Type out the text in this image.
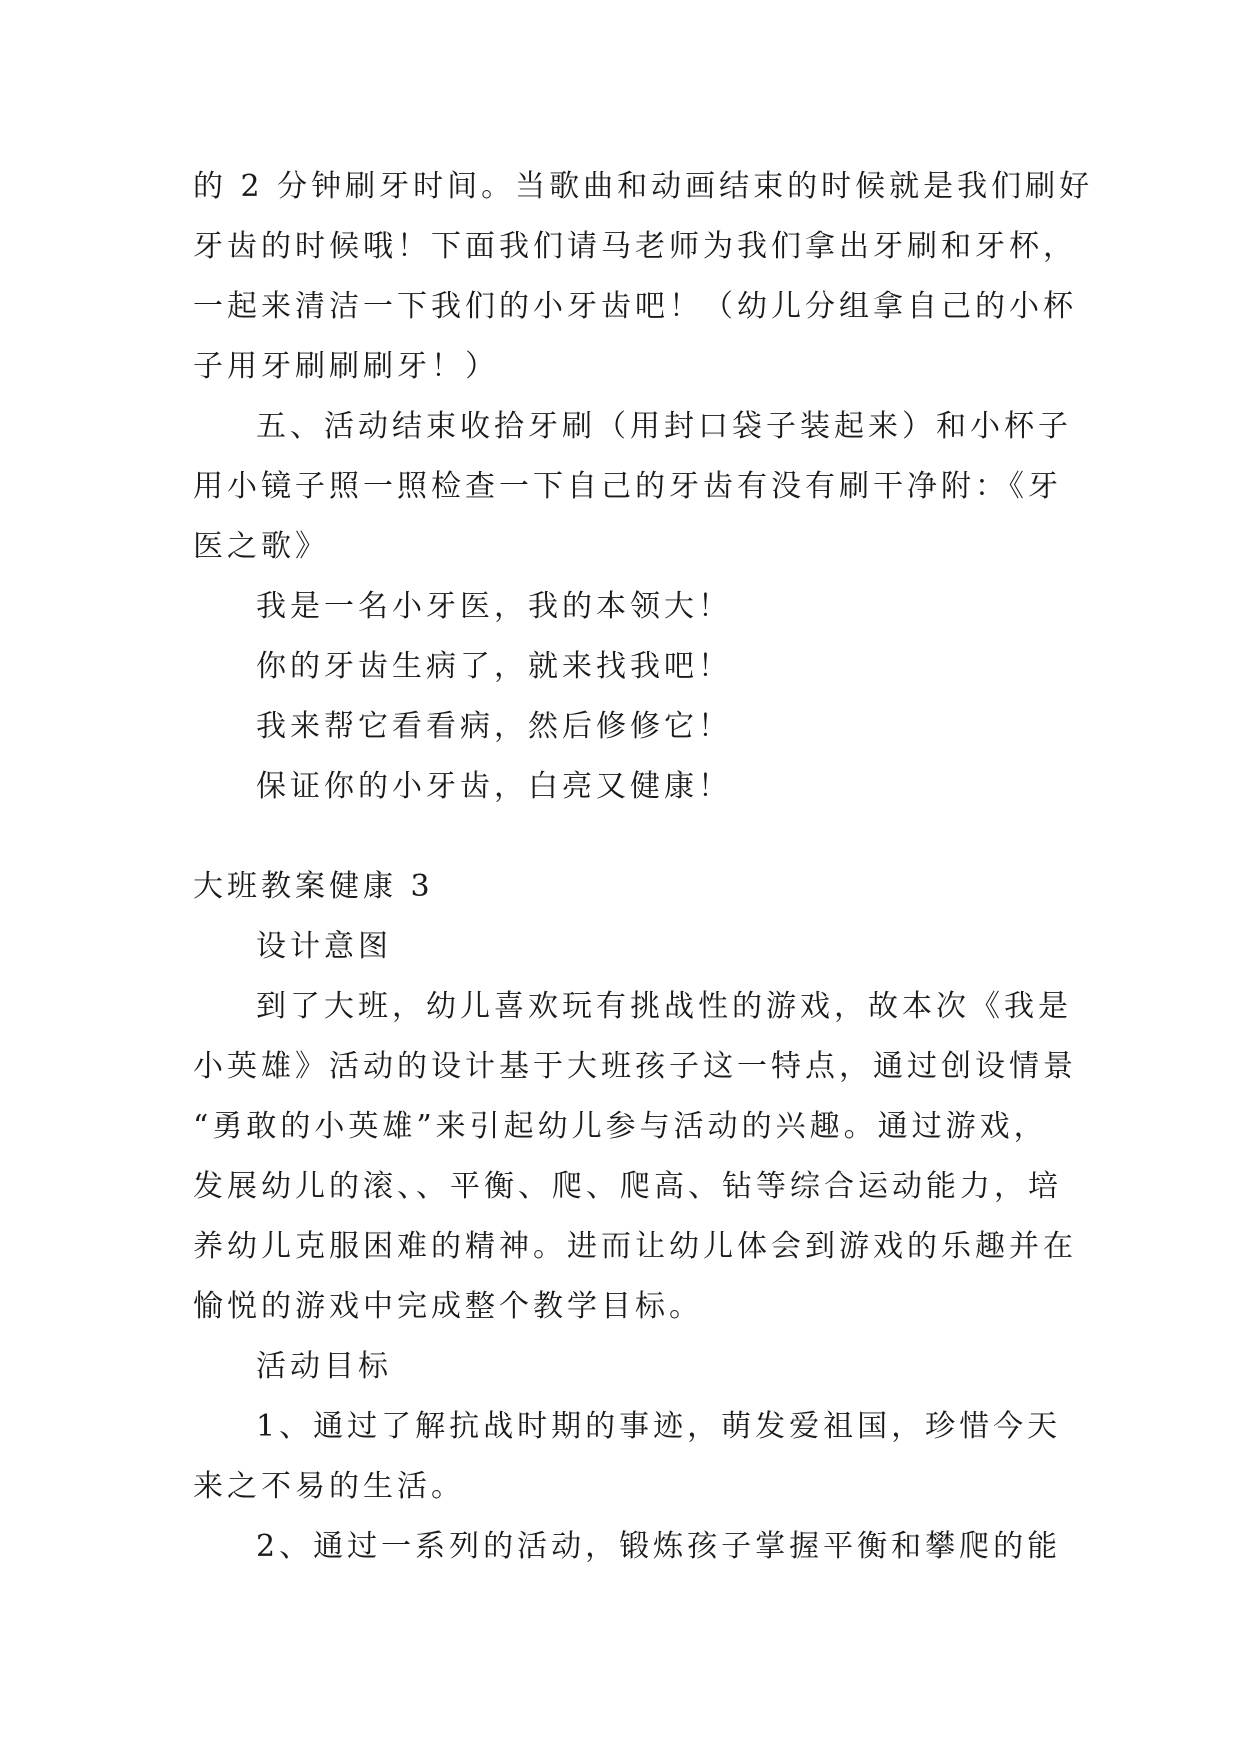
的 2 分钟刷牙时间。当歌曲和动画结束的时候就是我们刷好
牙齿的时候哦！下面我们请马老师为我们拿出牙刷和牙杯，
一起来清洁一下我们的小牙齿吧！（幼儿分组拿自己的小杯
子用牙刷刷刷牙！）
五、活动结束收拾牙刷（用封口袋子装起来）和小杯子
用小镜子照一照检查一下自己的牙齿有没有刷干净附：《牙
医之歌》
我是一名小牙医，我的本领大！
你的牙齿生病了，就来找我吧！
我来帮它看看病，然后修修它！
保证你的小牙齿，白亮又健康！
大班教案健康 3
设计意图
到了大班，幼儿喜欢玩有挑战性的游戏，故本次《我是
小英雄》活动的设计基于大班孩子这一特点，通过创设情景
“勇敢的小英雄”来引起幼儿参与活动的兴趣。通过游戏，
发展幼儿的滚、、平衡、爬、爬高、钻等综合运动能力，培
养幼儿克服困难的精神。进而让幼儿体会到游戏的乐趣并在
愉悦的游戏中完成整个教学目标。
活动目标
1、通过了解抗战时期的事迹，萌发爱祖国，珍惜今天
来之不易的生活。
2、通过一系列的活动，锻炼孩子掌握平衡和攀爬的能
